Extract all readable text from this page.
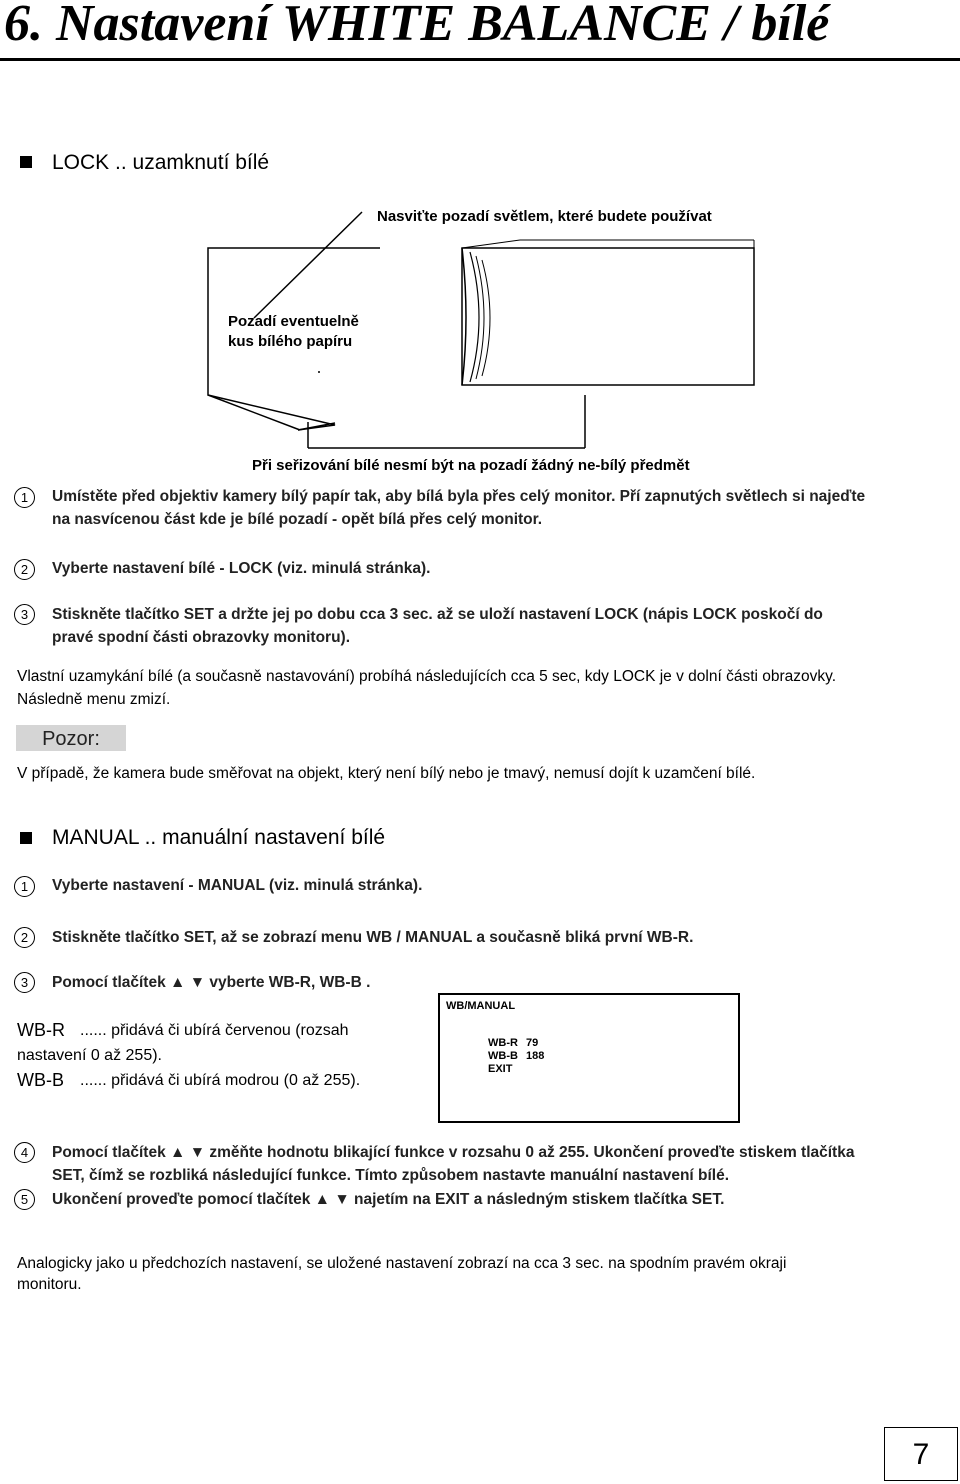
6. Nastavení WHITE BALANCE / bílé
LOCK .. uzamknutí bílé
Nasviťte pozadí světlem, které budete používat
Pozadí eventuelně
kus bílého papíru
Při seřizování bílé nesmí být na pozadí žádný ne-bílý předmět
1	Umístěte před objektiv kamery bílý papír tak, aby bílá byla přes celý monitor. Pří zapnutých světlech si najeďte
na nasvícenou část kde je bílé pozadí - opět bílá přes celý monitor.
2	Vyberte nastavení bílé - LOCK (viz. minulá stránka).
3	Stiskněte tlačítko SET a držte jej po dobu cca 3 sec. až se uloží nastavení LOCK (nápis LOCK poskočí do
pravé spodní části obrazovky monitoru).
Vlastní uzamykání bílé (a současně nastavování) probíhá následujících cca 5 sec, kdy LOCK je v dolní části obrazovky.
Následně menu zmizí.
Pozor:
V případě, že kamera bude směřovat na objekt, který není bílý nebo je tmavý, nemusí dojít k uzamčení bílé.
MANUAL .. manuální nastavení bílé
1	Vyberte nastavení - MANUAL (viz. minulá stránka).
2	Stiskněte tlačítko SET, až se zobrazí menu WB / MANUAL a současně bliká první WB-R.
3	Pomocí tlačítek ▲ ▼ vyberte WB-R, WB-B .
WB-R ...... přidává či ubírá červenou (rozsah
nastavení 0 až 255).
WB-B ...... přidává či ubírá modrou (0 až 255).
WB/MANUAL
WB-R 79
WB-B 188
EXIT
4	Pomocí tlačítek ▲ ▼ změňte hodnotu blikající funkce v rozsahu 0 až 255. Ukončení proveďte stiskem tlačítka
SET, čímž se rozbliká následující funkce. Tímto způsobem nastavte manuální nastavení bílé.
5	Ukončení proveďte pomocí tlačítek ▲ ▼ najetím na EXIT a následným stiskem tlačítka SET.
Analogicky jako u předchozích nastavení, se uložené nastavení zobrazí na cca 3 sec. na spodním pravém okraji
monitoru.
7
